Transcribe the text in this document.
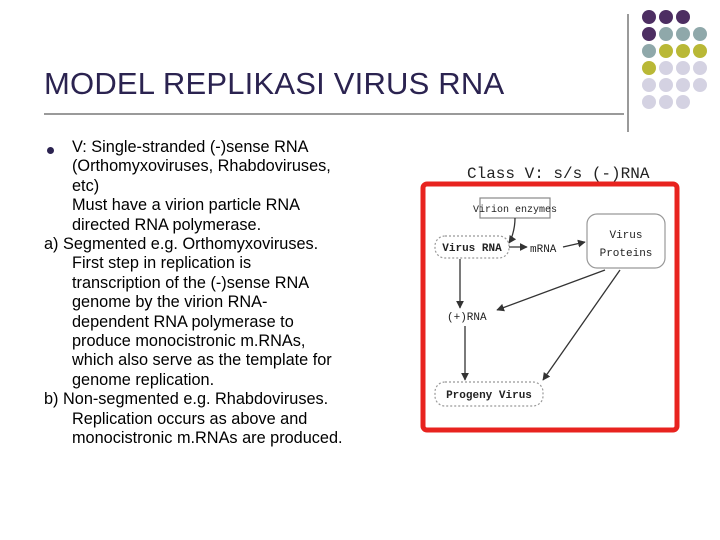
MODEL REPLIKASI VIRUS RNA
V: Single-stranded (-)sense RNA
(Orthomyxoviruses, Rhabdoviruses,
etc)
Must have a virion particle RNA
directed RNA polymerase.
a) Segmented e.g. Orthomyxoviruses.
First step in replication is
transcription of the (-)sense RNA
genome by the virion RNA-
dependent RNA polymerase to
produce monocistronic m.RNAs,
which also serve as the template for
genome replication.
b) Non-segmented e.g. Rhabdoviruses.
Replication occurs as above and
monocistronic m.RNAs are produced.
Class V: s/s (-)RNA
Virion enzymes
Virus RNA	mRNA
Virus
Proteins
(+)RNA
Progeny Virus
